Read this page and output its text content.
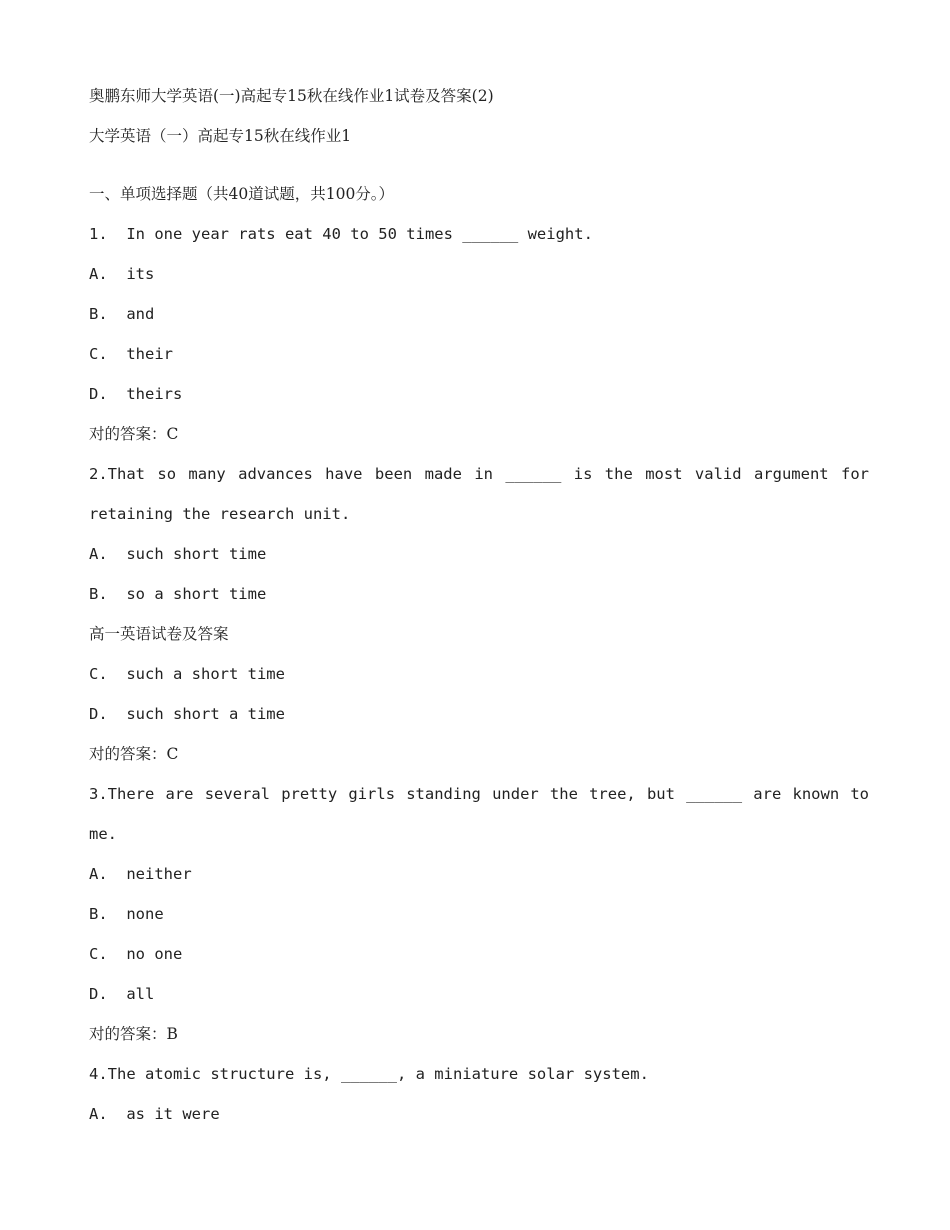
奥鹏东师大学英语(一)高起专15秋在线作业1试卷及答案(2)
大学英语（一）高起专15秋在线作业1
一、单项选择题（共40道试题，共100分。）
1.  In one year rats eat 40 to 50 times ______ weight.
A.  its
B.  and
C.  their
D.  theirs
对的答案：C
2.That so many advances have been made in ______ is the most valid argument for retaining the research unit.
A.  such short time
B.  so a short time
高一英语试卷及答案
C.  such a short time
D.  such short a time
对的答案：C
3.There are several pretty girls standing under the tree, but ______ are known to me.
A.  neither
B.  none
C.  no one
D.  all
对的答案：B
4.The atomic structure is, ______, a miniature solar system.
A.  as it were
